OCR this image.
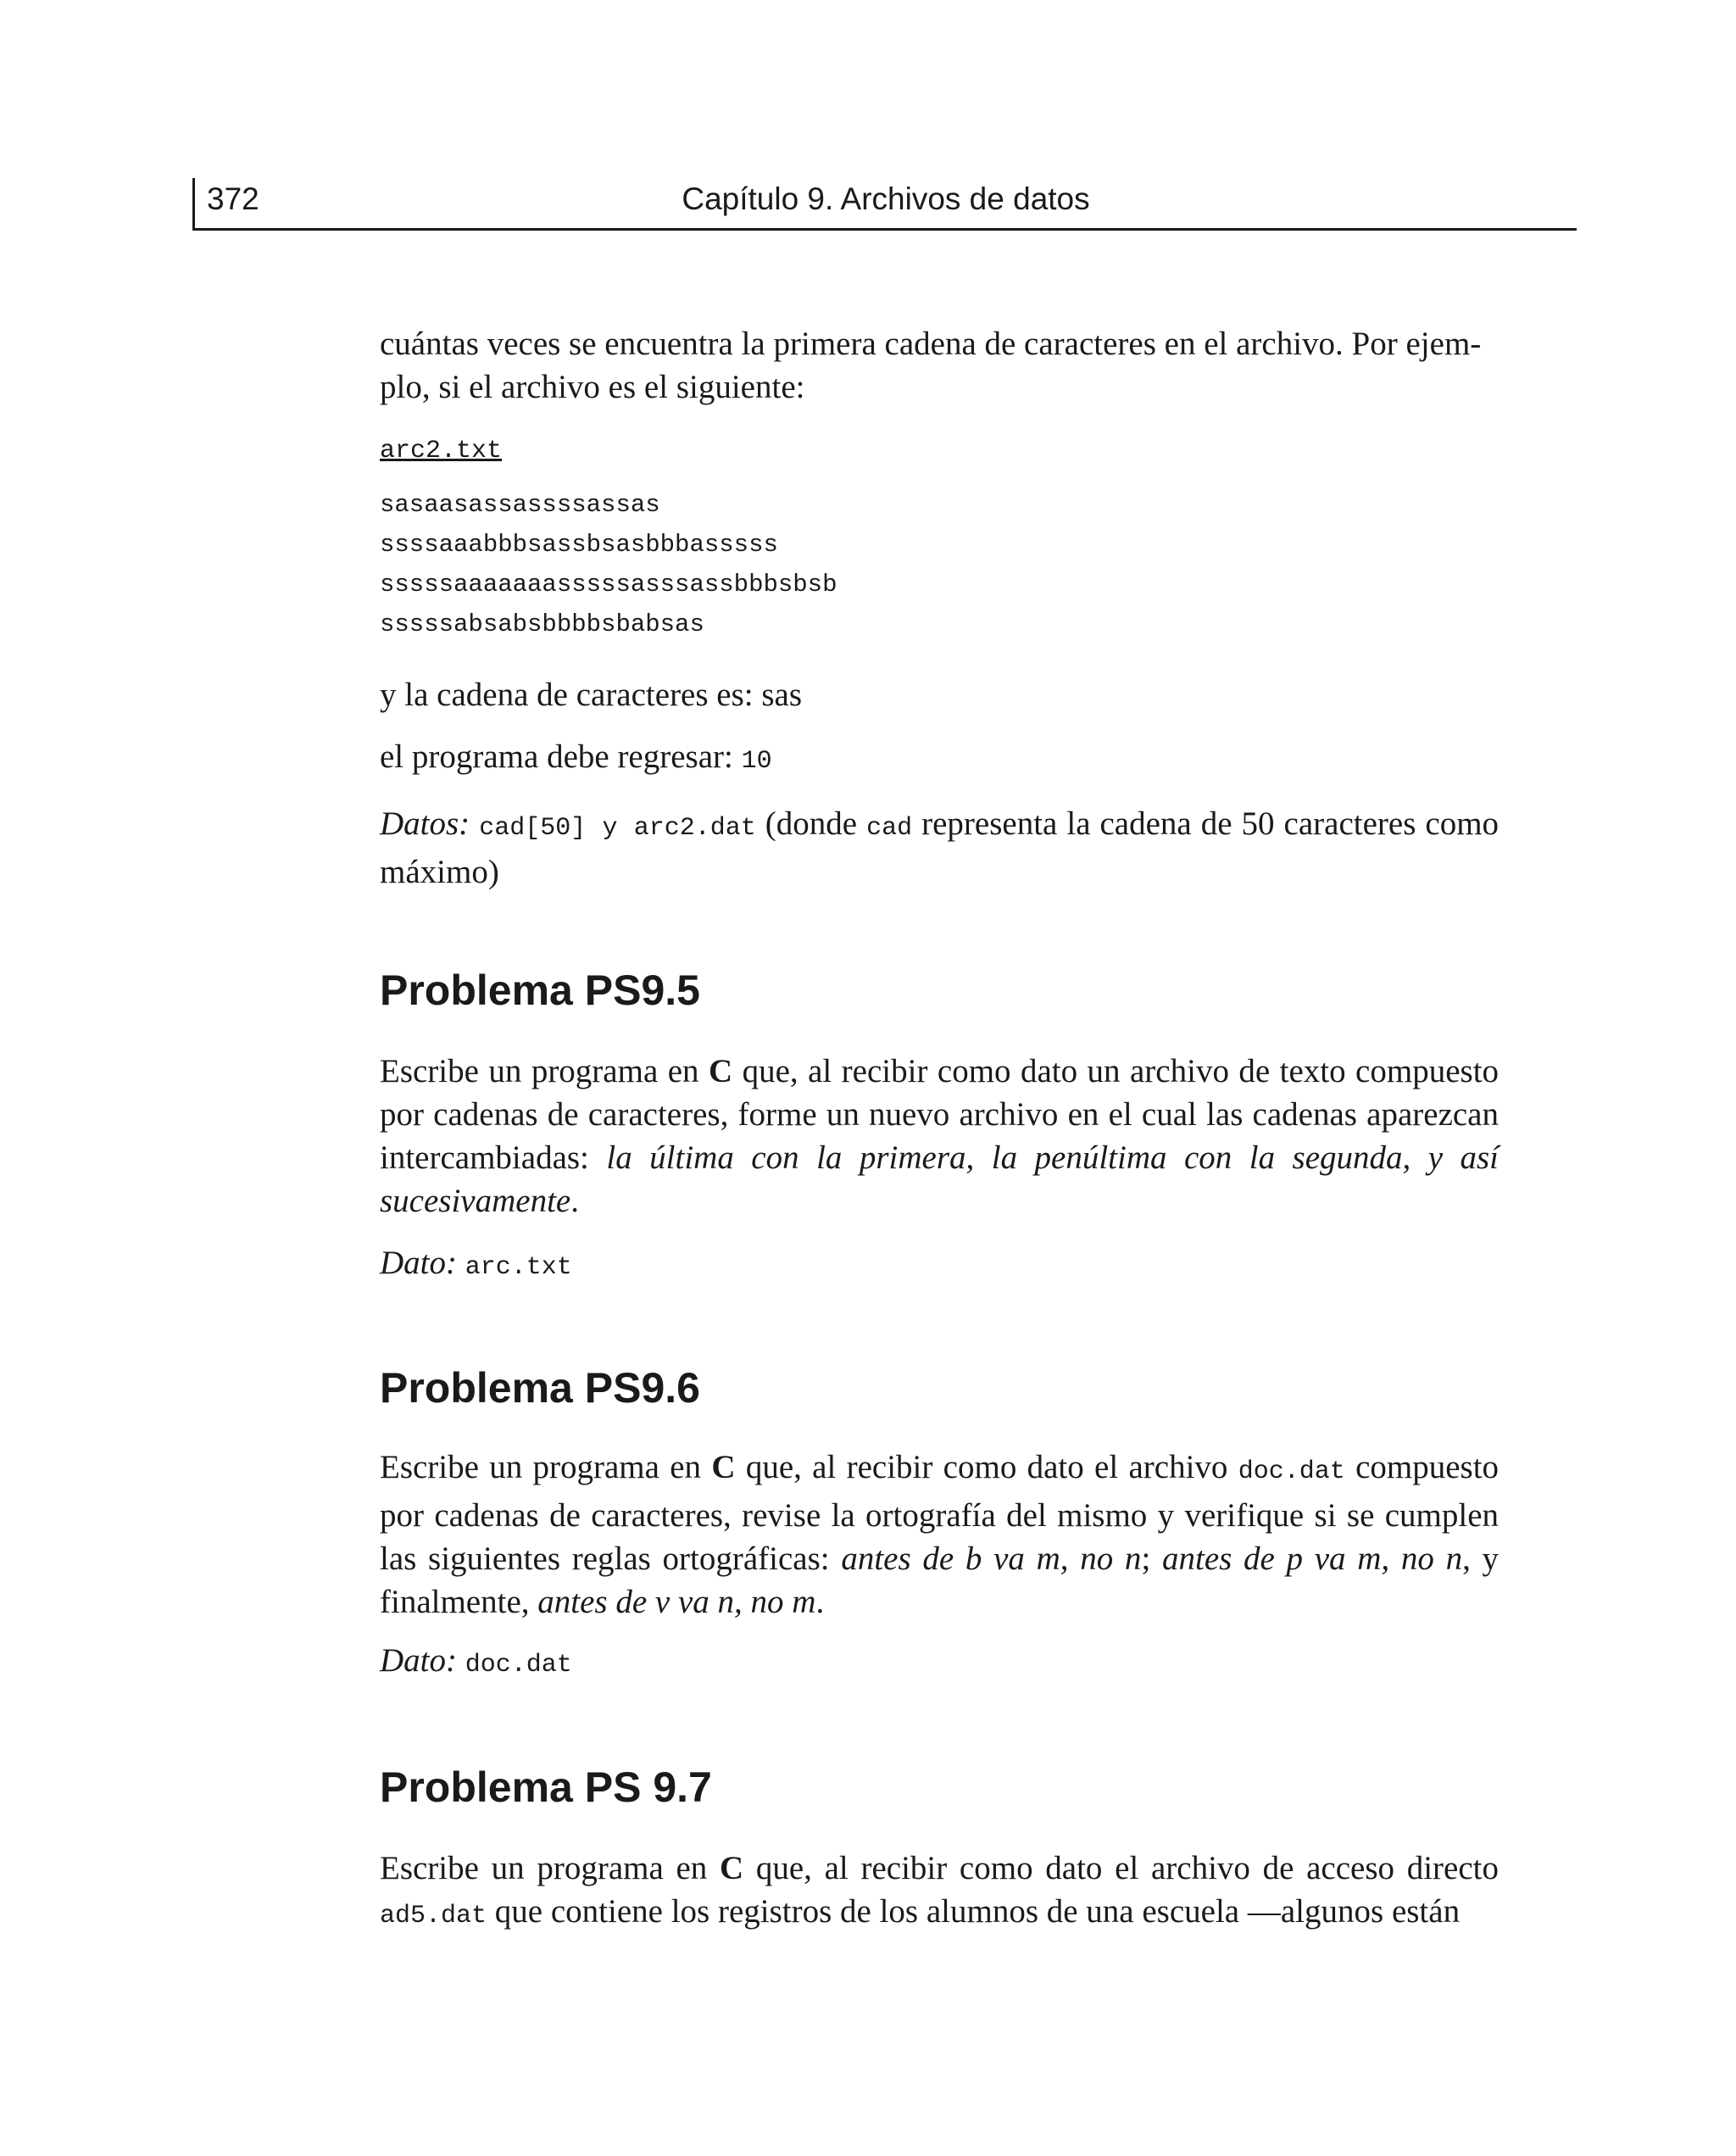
372	Capítulo 9. Archivos de datos

cuántas veces se encuentra la primera cadena de caracteres en el archivo. Por ejem-
plo, si el archivo es el siguiente:

arc2.txt
sasaasassassssassas
ssssaaabbbsassbsasbbbasssss
sssssaaaaaaasssssasssassbbbsbsb
sssssabsabsbbbbsbabsas

y la cadena de caracteres es: sas

el programa debe regresar: 10

Datos: cad[50] y arc2.dat (donde cad representa la cadena de 50 caracteres como máximo)

Problema PS9.5

Escribe un programa en C que, al recibir como dato un archivo de texto compuesto por cadenas de caracteres, forme un nuevo archivo en el cual las cadenas aparezcan intercambiadas: la última con la primera, la penúltima con la segunda, y así sucesivamente.

Dato: arc.txt

Problema PS9.6

Escribe un programa en C que, al recibir como dato el archivo doc.dat compuesto por cadenas de caracteres, revise la ortografía del mismo y verifique si se cumplen las siguientes reglas ortográficas: antes de b va m, no n; antes de p va m, no n, y finalmente, antes de v va n, no m.

Dato: doc.dat

Problema PS 9.7

Escribe un programa en C que, al recibir como dato el archivo de acceso directo ad5.dat que contiene los registros de los alumnos de una escuela —algunos están
